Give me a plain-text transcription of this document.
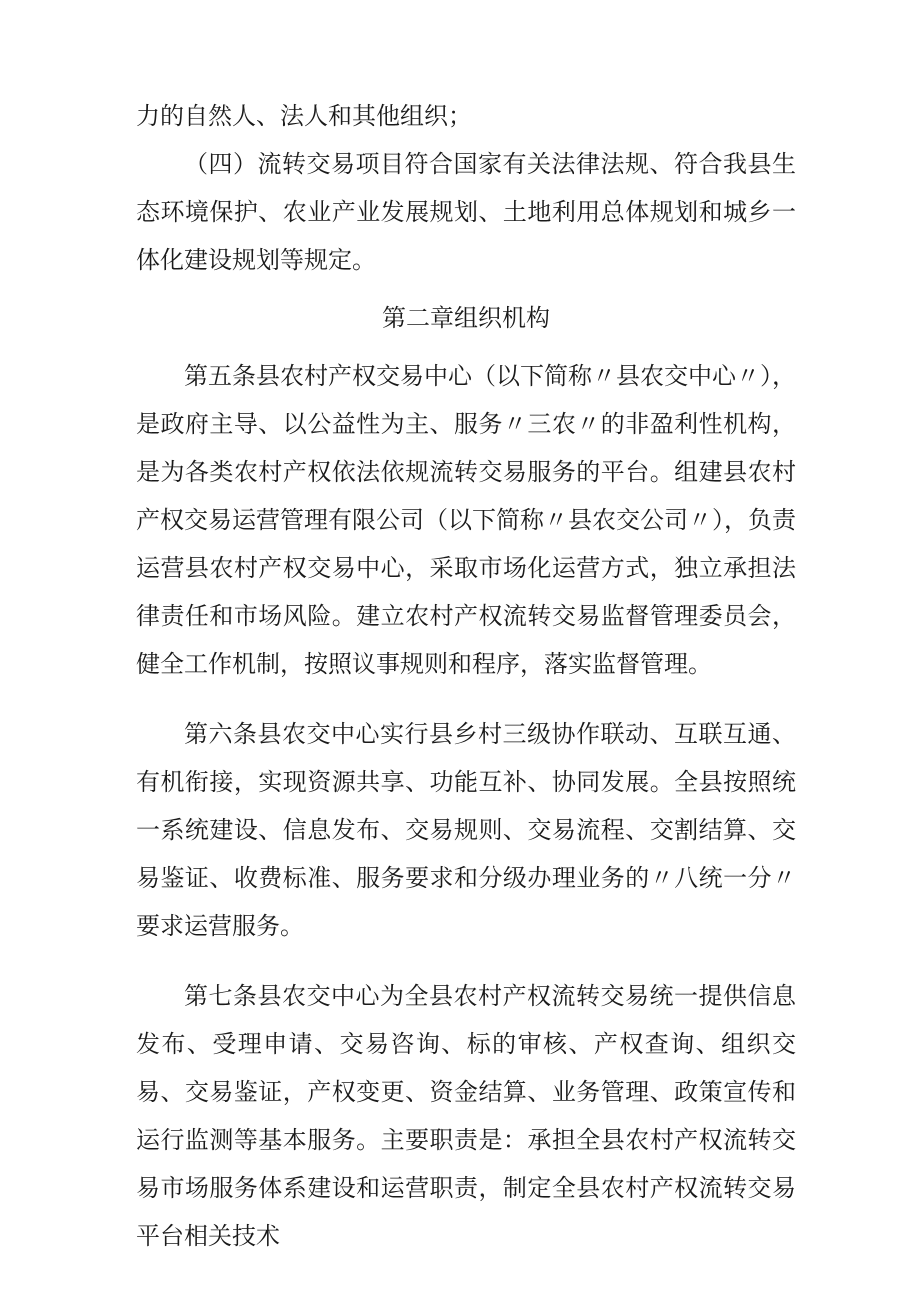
力的自然人、法人和其他组织；

（四）流转交易项目符合国家有关法律法规、符合我县生态环境保护、农业产业发展规划、土地利用总体规划和城乡一体化建设规划等规定。

第二章组织机构

第五条县农村产权交易中心（以下简称〃县农交中心〃），是政府主导、以公益性为主、服务〃三农〃的非盈利性机构，是为各类农村产权依法依规流转交易服务的平台。组建县农村产权交易运营管理有限公司（以下简称〃县农交公司〃），负责运营县农村产权交易中心，采取市场化运营方式，独立承担法律责任和市场风险。建立农村产权流转交易监督管理委员会，健全工作机制，按照议事规则和程序，落实监督管理。

第六条县农交中心实行县乡村三级协作联动、互联互通、有机衔接，实现资源共享、功能互补、协同发展。全县按照统一系统建设、信息发布、交易规则、交易流程、交割结算、交易鉴证、收费标准、服务要求和分级办理业务的〃八统一分〃要求运营服务。

第七条县农交中心为全县农村产权流转交易统一提供信息发布、受理申请、交易咨询、标的审核、产权查询、组织交易、交易鉴证，产权变更、资金结算、业务管理、政策宣传和运行监测等基本服务。主要职责是：承担全县农村产权流转交易市场服务体系建设和运营职责，制定全县农村产权流转交易平台相关技术
